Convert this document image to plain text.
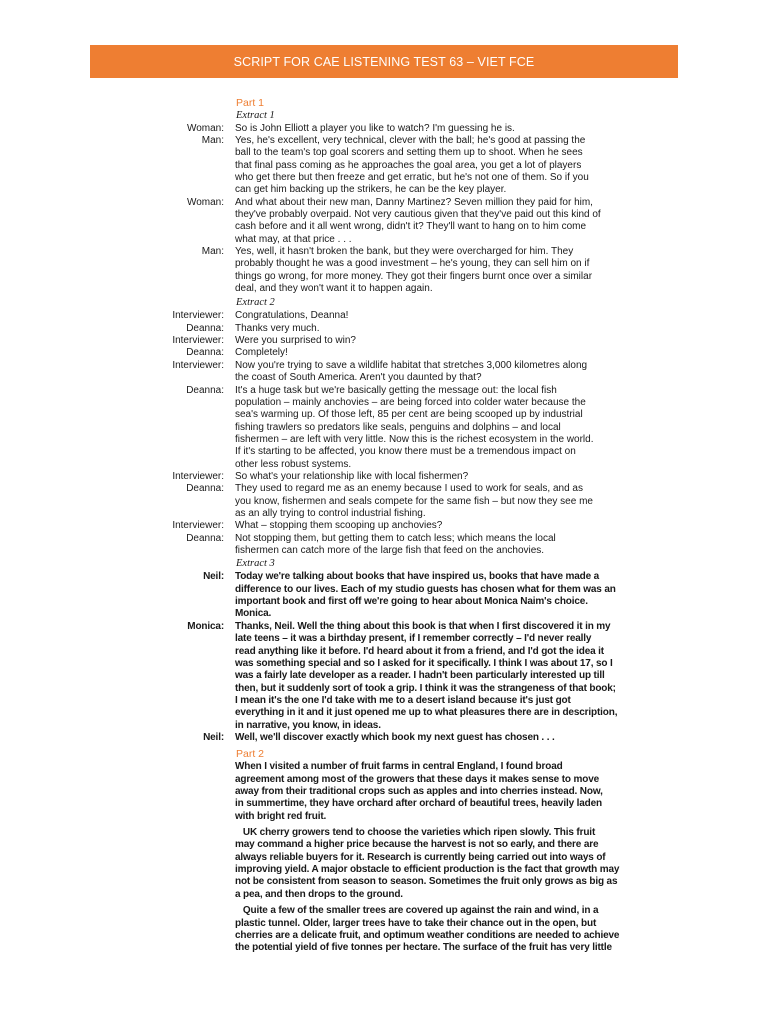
SCRIPT FOR CAE LISTENING TEST 63 – VIET FCE
Part 1
Extract 1
Woman: So is John Elliott a player you like to watch? I'm guessing he is.
Man: Yes, he's excellent, very technical, clever with the ball; he's good at passing the
ball to the team's top goal scorers and setting them up to shoot. When he sees
that final pass coming as he approaches the goal area, you get a lot of players
who get there but then freeze and get erratic, but he's not one of them. So if you
can get him backing up the strikers, he can be the key player.
Woman: And what about their new man, Danny Martinez? Seven million they paid for him,
they've probably overpaid. Not very cautious given that they've paid out this kind of
cash before and it all went wrong, didn't it? They'll want to hang on to him come
what may, at that price . . .
Man: Yes, well, it hasn't broken the bank, but they were overcharged for him. They
probably thought he was a good investment – he's young, they can sell him on if
things go wrong, for more money. They got their fingers burnt once over a similar
deal, and they won't want it to happen again.
Extract 2
Interviewer: Congratulations, Deanna!
Deanna: Thanks very much.
Interviewer: Were you surprised to win?
Deanna: Completely!
Interviewer: Now you're trying to save a wildlife habitat that stretches 3,000 kilometres along
the coast of South America. Aren't you daunted by that?
Deanna: It's a huge task but we're basically getting the message out: the local fish
population – mainly anchovies – are being forced into colder water because the
sea's warming up. Of those left, 85 per cent are being scooped up by industrial
fishing trawlers so predators like seals, penguins and dolphins – and local
fishermen – are left with very little. Now this is the richest ecosystem in the world.
If it's starting to be affected, you know there must be a tremendous impact on
other less robust systems.
Interviewer: So what's your relationship like with local fishermen?
Deanna: They used to regard me as an enemy because I used to work for seals, and as
you know, fishermen and seals compete for the same fish – but now they see me
as an ally trying to control industrial fishing.
Interviewer: What – stopping them scooping up anchovies?
Deanna: Not stopping them, but getting them to catch less; which means the local
fishermen can catch more of the large fish that feed on the anchovies.
Extract 3
Neil: Today we're talking about books that have inspired us, books that have made a
difference to our lives. Each of my studio guests has chosen what for them was an
important book and first off we're going to hear about Monica Naim's choice.
Monica.
Monica: Thanks, Neil. Well the thing about this book is that when I first discovered it in my
late teens – it was a birthday present, if I remember correctly – I'd never really
read anything like it before. I'd heard about it from a friend, and I'd got the idea it
was something special and so I asked for it specifically. I think I was about 17, so I
was a fairly late developer as a reader. I hadn't been particularly interested up till
then, but it suddenly sort of took a grip. I think it was the strangeness of that book;
I mean it's the one I'd take with me to a desert island because it's just got
everything in it and it just opened me up to what pleasures there are in description,
in narrative, you know, in ideas.
Neil: Well, we'll discover exactly which book my next guest has chosen . . .
Part 2
When I visited a number of fruit farms in central England, I found broad
agreement among most of the growers that these days it makes sense to move
away from their traditional crops such as apples and into cherries instead. Now,
in summertime, they have orchard after orchard of beautiful trees, heavily laden
with bright red fruit.
UK cherry growers tend to choose the varieties which ripen slowly. This fruit
may command a higher price because the harvest is not so early, and there are
always reliable buyers for it. Research is currently being carried out into ways of
improving yield. A major obstacle to efficient production is the fact that growth may
not be consistent from season to season. Sometimes the fruit only grows as big as
a pea, and then drops to the ground.
Quite a few of the smaller trees are covered up against the rain and wind, in a
plastic tunnel. Older, larger trees have to take their chance out in the open, but
cherries are a delicate fruit, and optimum weather conditions are needed to achieve
the potential yield of five tonnes per hectare. The surface of the fruit has very little
